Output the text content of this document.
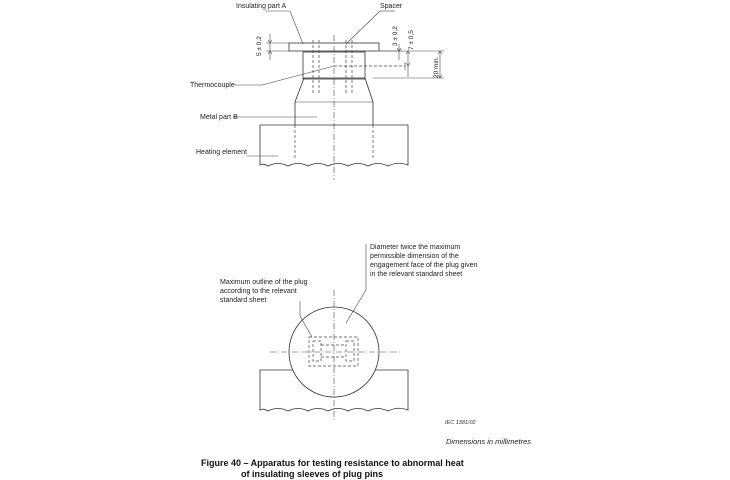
5 ± 0,2
3 ± 0,2 7 ± 0,5
20 min.
Insulating part A	Spacer
Thermocouple
Metal part B
Heating element
Diameter twice the maximum
permissible dimension of the
engagement face of the plug given
in the relevant standard sheet
Maximum outline of the plug
according to the relevant
standard sheet
IEC 1381/02
Dimensions in millimetres
Figure 40 – Apparatus for testing resistance to abnormal heat
of insulating sleeves of plug pins
